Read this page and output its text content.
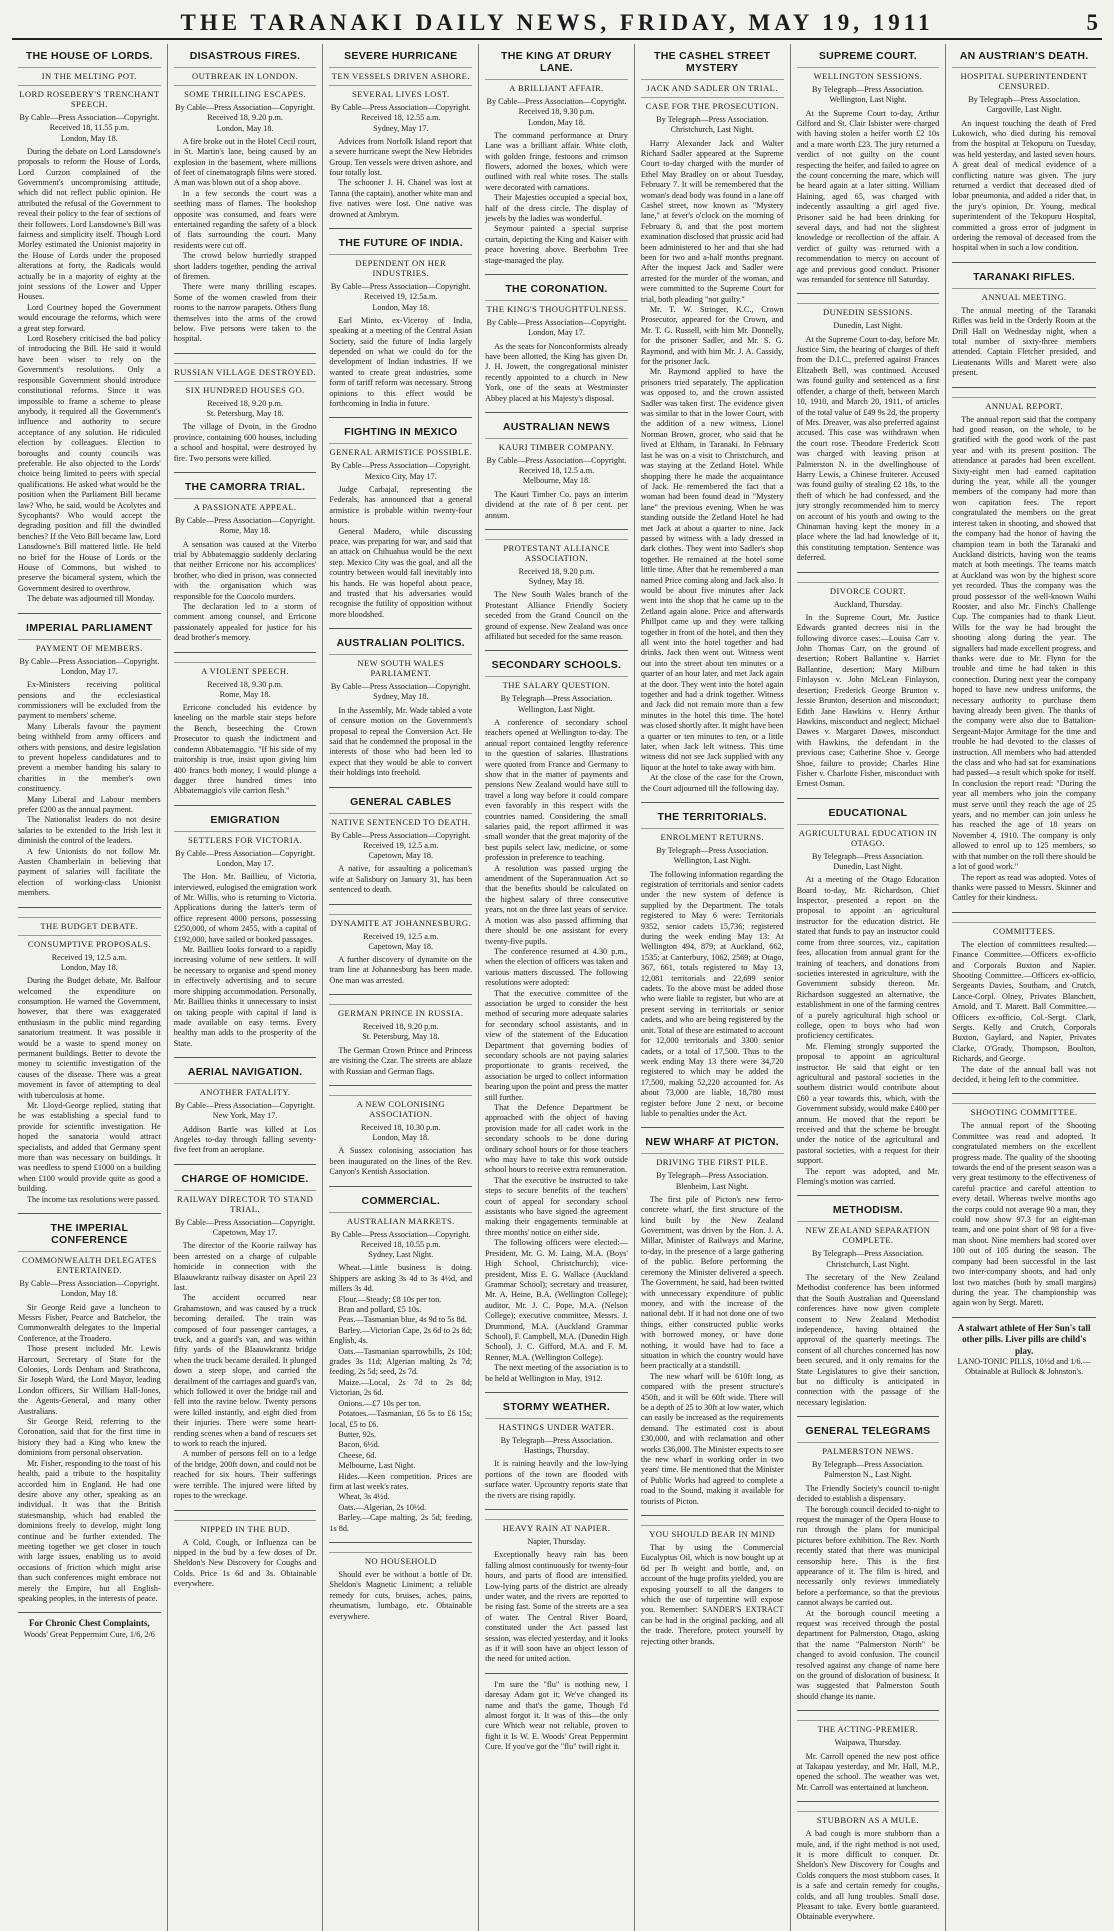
THE TARANAKI DAILY NEWS, FRIDAY, MAY 19, 1911	5
THE HOUSE OF LORDS.
IN THE MELTING POT.
LORD ROSEBERY'S TRENCHANT SPEECH.
By Cable—Press Association—Copyright.
Received 18, 11.55 p.m.
London, May 18.

During the debate on Lord Lansdowne's proposals to reform the House of Lords, Lord Curzon complained of the Government's uncompromising attitude, which did not reflect public opinion. He attributed the refusal of the Government to reveal their policy to the fear of sections of their followers. Lord Lansdowne's Bill was fairness and simplicity itself. Though Lord Morley estimated the Unionist majority in the House of Lords under the proposed alterations at forty, the Radicals would actually be in a majority of eighty at the joint sessions of the Lower and Upper Houses.

Lord Courtney hoped the Government would encourage the reforms, which were a great step forward.

Lord Rosebery criticised the bad policy of introducing the Bill. He said it would have been wiser to rely on the Government's resolutions. Only a responsible Government should introduce constitutional reforms. Since it was impossible to frame a scheme to please anybody, it required all the Government's influence and authority to secure acceptance of any solution. He ridiculed election by colleagues. Election to boroughs and county councils was preferable. He also objected to the Lords' choice being limited to peers with special qualifications. He asked what would be the position when the Parliament Bill became law? Who, he said, would be Acolytes and Sycophants? Who would accept the degrading position and fill the dwindled benches? If the Veto Bill became law, Lord Lansdowne's Bill mattered little. He held no brief for the House of Lords or the House of Commons, but wished to preserve the bicameral system, which the Government desired to overthrow.

The debate was adjourned till Monday.

IMPERIAL PARLIAMENT
PAYMENT OF MEMBERS.
By Cable—Press Association—Copyright.
London, May 17.

Ex-Ministers receiving political pensions and the ecclesiastical commissioners will be excluded from the payment to members' scheme.

Many Liberals favour the payment being withheld from army officers and others with pensions, and desire legislation to prevent hopeless candidatures and to prevent a member handing his salary to charities in the member's own constituency.

Many Liberal and Labour members prefer £200 as the annual payment.

The Nationalist leaders do not desire salaries to be extended to the Irish lest it diminish the control of the leaders.

A few Unionists do not follow Mr. Austen Chamberlain in believing that payment of salaries will facilitate the election of working-class Unionist members.

THE BUDGET DEBATE.
CONSUMPTIVE PROPOSALS.
Received 19, 12.5 a.m.
London, May 18.

During the Budget debate, Mr. Balfour welcomed the expenditure on consumption. He warned the Government, however, that there was exaggerated enthusiasm in the public mind regarding sanatorium treatment. It was possible it would be a waste to spend money on permanent buildings. Better to devote the money to scientific investigation of the causes of the disease. There was a great movement in favor of attempting to deal with tuberculosis at home.

Mr. Lloyd-George replied, stating that he was establishing a special fund to provide for scientific investigation. He hoped the sanatoria would attract specialists, and added that Germany spent more than was necessary on buildings. It was needless to spend £1000 on a building when £100 would provide quite as good a building.

The income tax resolutions were passed.

THE IMPERIAL CONFERENCE
COMMONWEALTH DELEGATES ENTERTAINED.
By Cable—Press Association—Copyright.
London, May 18.

Sir George Reid gave a luncheon to Messrs Fisher, Pearce and Batchelor, the Commonwealth delegates to the Imperial Conference, at the Troadero.

Those present included Mr. Lewis Harcourt, Secretary of State for the Colonies, Lords Denham and Strathcona, Sir Joseph Ward, the Lord Mayor, leading London officers, Sir William Hall-Jones, the Agents-General, and many other Australians.

Sir George Reid, referring to the Coronation, said that for the first time in history they had a King who knew the dominions from personal observation.

Mr. Fisher, responding to the toast of his health, paid a tribute to the hospitality accorded him in England. He had one desire above any other, speaking as an individual. It was that the British statesmanship, which had enabled the dominions freely to develop, might long continue and be further extended. The meeting together we get closer in touch with large issues, enabling us to avoid occasions of friction which might arise than such conferences might embrace not merely the Empire, but all English-speaking peoples, in the interests of peace.

For Chronic Chest Complaints,

Woods' Great Peppermint Cure, 1/6, 2/6

DISASTROUS FIRES.
OUTBREAK IN LONDON.
SOME THRILLING ESCAPES.
By Cable—Press Association—Copyright.
Received 18, 9.20 p.m.
London, May 18.

A fire broke out in the Hotel Cecil court, in St. Martin's lane, being caused by an explosion in the basement, where millions of feet of cinematograph films were stored. A man was blown out of a shop above.

In a few seconds the court was a seething mass of flames. The bookshop opposite was consumed, and fears were entertained regarding the safety of a block of flats surrounding the court. Many residents were cut off.

The crowd below hurriedly strapped short ladders together, pending the arrival of firemen.

There were many thrilling escapes. Some of the women crawled from their rooms to the narrow parapets. Others flung themselves into the arms of the crowd below. Five persons were taken to the hospital.

RUSSIAN VILLAGE DESTROYED.
SIX HUNDRED HOUSES GO.
Received 18, 9.20 p.m.
St. Petersburg, May 18.

The village of Dvoin, in the Grodno province, containing 600 houses, including a school and hospital, were destroyed by fire. Two persons were killed.

THE CAMORRA TRIAL.
A PASSIONATE APPEAL.
By Cable—Press Association—Copyright.
Rome, May 18.

A sensation was caused at the Viterbo trial by Abbatemaggio suddenly declaring that neither Erricone nor his accomplices' brother, who died in prison, was connected with the organisation which was responsible for the Cuocolo murders.

The declaration led to a storm of comment among counsel, and Erricone passionately appealed for justice for his dead brother's memory.

A VIOLENT SPEECH.
Received 18, 9.30 p.m.
Rome, May 18.

Erricone concluded his evidence by kneeling on the marble stair steps before the Bench, beseeching the Crown Prosecutor to quash the indictment and condemn Abbatemaggio. "If his side of my traitorship is true, insist upon giving him 400 francs both money, I would plunge a dagger three hundred times into Abbatemaggio's vile carrion flesh."

EMIGRATION
SETTLERS FOR VICTORIA.
By Cable—Press Association—Copyright.
London, May 17.

The Hon. Mr. Baillieu, of Victoria, interviewed, eulogised the emigration work of Mr. Willis, who is returning to Victoria. Applications during the latter's term of office represent 4000 persons, possessing £250,000, of whom 2455, with a capital of £192,000, have sailed or booked passages.

Mr. Baillieu looks forward to a rapidly increasing volume of new settlers. It will be necessary to organise and spend money in effectively advertising and to secure more shipping accommodation. Personally, Mr. Baillieu thinks it unnecessary to insist on taking people with capital if land is made available on easy terms. Every healthy man adds to the prosperity of the State.

AERIAL NAVIGATION.
ANOTHER FATALITY.
By Cable—Press Association—Copyright.
New York, May 17.

Addison Bartle was killed at Los Angeles to-day through falling seventy-five feet from an aeroplane.

CHARGE OF HOMICIDE.
RAILWAY DIRECTOR TO STAND TRIAL.
By Cable—Press Association—Copyright.
Capetown, May 17.

The director of the Koorie railway has been arrested on a charge of culpable homicide in connection with the Blaauwkrantz railway disaster on April 23 last.

The accident occurred near Grahamstown, and was caused by a truck becoming derailed. The train was composed of four passenger carriages, a truck, and a guard's van, and was within fifty yards of the Blaauwkrantz bridge when the truck became derailed. It plunged down a steep slope, and carried the derailment of the carriages and guard's van, which followed it over the bridge rail and fell into the ravine below. Twenty persons were killed instantly, and eight died from their injuries. There were some heart-rending scenes when a band of rescuers set to work to reach the injured.

A number of persons fell on to a ledge of the bridge, 200ft down, and could not be reached for six hours. Their sufferings were terrible. The injured were lifted by ropes to the wreckage.

NIPPED IN THE BUD.

A Cold, Cough, or Influenza can be nipped in the bud by a few doses of Dr. Sheldon's New Discovery for Coughs and Colds. Price 1s 6d and 3s. Obtainable everywhere.

SEVERE HURRICANE
TEN VESSELS DRIVEN ASHORE.
SEVERAL LIVES LOST.
By Cable—Press Association—Copyright.
Received 18, 12.55 a.m.
Sydney, May 17.

Advices from Norfolk Island report that a severe hurricane swept the New Hebrides Group. Ten vessels were driven ashore, and four totally lost.

The schooner J. H. Chanel was lost at Tanna (the captain), another white man and five natives were lost. One native was drowned at Ambrym.

THE FUTURE OF INDIA.
DEPENDENT ON HER INDUSTRIES.
By Cable—Press Association—Copyright.
Received 19, 12.5a.m.
London, May 18.

Earl Minto, ex-Viceroy of India, speaking at a meeting of the Central Asian Society, said the future of India largely depended on what we could do for the development of Indian industries. If we wanted to create great industries, some form of tariff reform was necessary. Strong opinions to this effect would be forthcoming in India in future.

FIGHTING IN MEXICO
GENERAL ARMISTICE POSSIBLE.
By Cable—Press Association—Copyright.
Mexico City, May 17.

Judge Carbajal, representing the Federals, has announced that a general armistice is probable within twenty-four hours.

General Madero, while discussing peace, was preparing for war, and said that an attack on Chihuahua would be the next step. Mexico City was the goal, and all the country between would fall inevitably into his hands. He was hopeful about peace, and trusted that his adversaries would recognise the futility of opposition without more bloodshed.

AUSTRALIAN POLITICS.
NEW SOUTH WALES PARLIAMENT.
By Cable—Press Association—Copyright.
Sydney, May 18.

In the Assembly, Mr. Wade tabled a vote of censure motion on the Government's proposal to repeal the Conversion Act. He said that he condemned the proposal in the interests of those who had been led to expect that they would be able to convert their holdings into freehold.

GENERAL CABLES
NATIVE SENTENCED TO DEATH.
By Cable—Press Association—Copyright.
Received 19, 12.5 a.m.
Capetown, May 18.

A native, for assaulting a policeman's wife at Salisbury on January 31, has been sentenced to death.

DYNAMITE AT JOHANNESBURG.
Received 19, 12.5 a.m.
Capetown, May 18.

A further discovery of dynamite on the tram line at Johannesburg has been made. One man was arrested.

GERMAN PRINCE IN RUSSIA.
Received 18, 9.20 p.m.
St. Petersburg, May 18.

The German Crown Prince and Princess are visiting the Czar. The streets are ablaze with Russian and German flags.

A NEW COLONISING ASSOCIATION.
Received 18, 10.30 p.m.
London, May 18.

A Sussex colonising association has been inaugurated on the lines of the Rev. Canyon's Kentish Association.

COMMERCIAL.
AUSTRALIAN MARKETS.
By Cable—Press Association—Copyright.
Received 18, 10.55 p.m.
Sydney, Last Night.

Wheat.—Little business is doing. Shippers are asking 3s 4d to 3s 4½d, and millers 3s 4d.

Flour.—Steady; £8 10s per ton.

Bran and pollard, £5 10s.

Peas.—Tasmanian blue, 4s 9d to 5s 8d.

Barley.—Victorian Cape, 2s 6d to 2s 8d; English, 4s.

Oats.—Tasmanian sparrowbills, 2s 10d; grades 3s 11d; Algerian malting 2s 7d; feeding, 2s 5d; seed, 2s 7d.

Maize.—Local, 2s 7d to 2s 8d; Victorian, 2s 6d.

Onions.—£7 10s per ton.

Potatoes.—Tasmanian, £6 5s to £6 15s; local, £5 to £6.

Butter, 92s.

Bacon, 6½d.

Cheese, 6d.

Melbourne, Last Night.

Hides.—Keen competition. Prices are firm at last week's rates.

Wheat, 3s 4½d.

Oats.—Algerian, 2s 10½d.

Barley.—Cape malting, 2s 5d; feeding, 1s 8d.

NO HOUSEHOLD

Should ever be without a bottle of Dr. Sheldon's Magnetic Liniment; a reliable remedy for cuts, bruises, aches, pains, rheumatism, lumbago, etc. Obtainable everywhere.

THE KING AT DRURY LANE.
A BRILLIANT AFFAIR.
By Cable—Press Association—Copyright.
Received 18, 9.30 p.m.
London, May 18.

The command performance at Drury Lane was a brilliant affair. White cloth, with golden fringe, festoons and crimson flowers, adorned the boxes, which were outlined with real white roses. The stalls were decorated with carnations.

Their Majesties occupied a special box, half of the dress circle. The display of jewels by the ladies was wonderful.

Seymour painted a special surprise curtain, depicting the King and Kaiser with peace hovering above. Beerbohm Tree stage-managed the play.

THE CORONATION.
THE KING'S THOUGHTFULNESS.
By Cable—Press Association—Copyright.
London, May 17.

As the seats for Nonconformists already have been allotted, the King has given Dr. J. H. Jowett, the congregational minister recently appointed to a church in New York, one of the seats at Westminster Abbey placed at his Majesty's disposal.

AUSTRALIAN NEWS
KAURI TIMBER COMPANY.
By Cable—Press Association—Copyright.
Received 18, 12.5 a.m.
Melbourne, May 18.

The Kauri Timber Co. pays an interim dividend at the rate of 8 per cent. per annum.

PROTESTANT ALLIANCE ASSOCIATION.
Received 18, 9.20 p.m.
Sydney, May 18.

The New South Wales branch of the Protestant Alliance Friendly Society seceded from the Grand Council on the ground of expense. New Zealand was once affiliated but seceded for the same reason.

SECONDARY SCHOOLS.
THE SALARY QUESTION.
By Telegraph—Press Association.
Wellington, Last Night.

A conference of secondary school teachers opened at Wellington to-day. The annual report contained lengthy reference to the question of salaries. Illustrations were quoted from France and Germany to show that in the matter of payments and pensions New Zealand would have still to travel a long way before it could compare even favorably in this respect with the countries named. Considering the small salaries paid, the report affirmed it was small wonder that the great majority of the best pupils select law, medicine, or some profession in preference to teaching.

A resolution was passed urging the amendment of the Superannuation Act so that the benefits should be calculated on the highest salary of three consecutive years, not on the three last years of service. A motion was also passed affirming that there should be one assistant for every twenty-five pupils.

The conference resumed at 4.30 p.m., when the election of officers was taken and various matters discussed. The following resolutions were adopted:

That the executive committee of the association be urged to consider the best method of securing more adequate salaries for secondary school assistants, and in view of the statement of the Education Department that governing bodies of secondary schools are not paying salaries proportionate to grants received, the association be urged to collect information bearing upon the point and press the matter still further.

That the Defence Department be approached with the object of having provision made for all cadet work in the secondary schools to be done during ordinary school hours or for those teachers who may have to take this work outside school hours to receive extra remuneration.

That the executive be instructed to take steps to secure benefits of the teachers' court of appeal for secondary school assistants who have signed the agreement making their engagements terminable at three months' notice on either side.

The following officers were elected:—President, Mr. G. M. Laing, M.A. (Boys' High School, Christchurch); vice-president, Miss E. G. Wallace (Auckland Grammar School); secretary and treasurer, Mr. A. Heine, B.A. (Wellington College); auditor, Mr. J. C. Pope, M.A. (Nelson College); executive committee, Messrs. J. Drummond, M.A. (Auckland Grammar School), F. Campbell, M.A. (Dunedin High School), J. C. Gifford, M.A. and F. M. Renner, M.A. (Wellington College).

The next meeting of the association is to be held at Wellington in May, 1912.

STORMY WEATHER.
HASTINGS UNDER WATER.
By Telegraph—Press Association.
Hastings, Thursday.

It is raining heavily and the low-lying portions of the town are flooded with surface water. Upcountry reports state that the rivers are rising rapidly.

HEAVY RAIN AT NAPIER.
Napier, Thursday.

Exceptionally heavy rain has been falling almost continuously for twenty-four hours, and parts of flood are intensified. Low-lying parts of the district are already under water, and the rivers are reported to be rising fast. Some of the streets are a sea of water. The Central River Board, constituted under the Act passed last session, was elected yesterday, and it looks as if it will soon have an object lesson of the need for united action.

I'm sure the "flu" is nothing new, I daresay Adam got it; We've changed its name and that's the game, Though I'd almost forgot it. It was of this—the only cure Which wear not reliable, proven to fight it Is W. E. Woods' Great Peppermint Cure. If you've got the "flu" twill right it.

THE CASHEL STREET MYSTERY
JACK AND SADLER ON TRIAL.
CASE FOR THE PROSECUTION.
By Telegraph—Press Association.
Christchurch, Last Night.

Harry Alexander Jack and Walter Richard Sadler appeared at the Supreme Court to-day charged with the murder of Ethel May Bradley on or about Tuesday, February 7. It will be remembered that the woman's dead body was found in a lane off Cashel street, now known as "Mystery lane," at fever's o'clock on the morning of February 8, and that the post mortem examination disclosed that prussic acid had been administered to her and that she had been for two and a-half months pregnant. After the inquest Jack and Sadler were arrested for the murder of the woman, and were committed to the Supreme Court for trial, both pleading "not guilty."

Mr. T. W. Stringer, K.C., Crown Prosecutor, appeared for the Crown, and Mr. T. G. Russell, with him Mr. Donnelly, for the prisoner Sadler, and Mr. S. G. Raymond, and with him Mr. J. A. Cassidy, for the prisoner Jack.

Mr. Raymond applied to have the prisoners tried separately. The application was opposed to, and the crown assisted Sadler was taken first. The evidence given was similar to that in the lower Court, with the addition of a new witness, Lionel Norman Brown, grocer, who said that he lived at Eltham, in Taranaki. In February last he was on a visit to Christchurch, and was staying at the Zetland Hotel. While shopping there he made the acquaintance of Jack. He remembered the fact that a woman had been found dead in "Mystery lane" the previous evening. When he was standing outside the Zetland Hotel he had met Jack at about a quarter to nine. Jack passed by witness with a lady dressed in dark clothes. They went into Sadler's shop together. He remained at the hotel some little time. After that he remembered a man named Price coming along and Jack also. It would be about five minutes after Jack went into the shop that he came up to the Zetland again alone. Price and afterwards Phillpot came up and they were talking together in front of the hotel, and then they all went into the hotel together and had drinks. Jack then went out. Witness went out into the street about ten minutes or a quarter of an hour later, and met Jack again at the door. They went into the hotel again together and had a drink together. Witness and Jack did not remain more than a few minutes in the hotel this time. The hotel was closed shortly after. It might have been a quarter or ten minutes to ten, or a little later, when Jack left witness. This time witness did not see Jack supplied with any liquor at the hotel to take away with him.

At the close of the case for the Crown, the Court adjourned till the following day.

THE TERRITORIALS.
ENROLMENT RETURNS.
By Telegraph—Press Association.
Wellington, Last Night.

The following information regarding the registration of territorials and senior cadets under the new system of defence is supplied by the Department. The totals registered to May 6 were: Territorials 9352, senior cadets 15,736; registered during the week ending May 13: At Wellington 494, 879; at Auckland, 662, 1535; at Canterbury, 1062, 2569; at Otago, 367, 661, totals registered to May 13, 12,081 territorials and 22,699 senior cadets. To the above must be added those who were liable to register, but who are at present serving in territorials or senior cadets, and who are being registered by the unit. Total of these are estimated to account for 12,000 territorials and 3300 senior cadets, or a total of 17,500. Thus to the week ending May 13 there were 34,720 registered to which may be added the 17,500, making 52,220 accounted for. As about 73,000 are liable, 18,780 must register before June 2 next, or become liable to penalties under the Act.

NEW WHARF AT PICTON.
DRIVING THE FIRST PILE.
By Telegraph—Press Association.
Blenheim, Last Night.

The first pile of Picton's new ferro-concrete wharf, the first structure of the kind built by the New Zealand Government, was driven by the Hon. J. A. Millar, Minister of Railways and Marine, to-day, in the presence of a large gathering of the public. Before performing the ceremony the Minister delivered a speech. The Government, he said, had been twitted with unnecessary expenditure of public money, and with the increase of the national debt. If it had not done one of two things, either constructed public works with borrowed money, or have done nothing, it would have had to face a situation in which the country would have been practically at a standstill.

The new wharf will be 610ft long, as compared with the present structure's 450ft, and it will be 60ft wide. There will be a depth of 25 to 30ft at low water, which can easily be increased as the requirements demand. The estimated cost is about £30,000, and with reclamation and other works £36,000. The Minister expects to see the new wharf in working order in two years' time. He mentioned that the Minister of Public Works had agreed to complete a road to the Sound, making it available for tourists of Picton.

YOU SHOULD BEAR IN MIND

That by using the Commercial Eucalyptus Oil, which is now bought up at 6d per lb weight and bottle, and, on account of the huge profits yielded, you are exposing yourself to all the dangers to which the use of turpentine will expose you. Remember: SANDER'S EXTRACT can be had in the original packing, and all the trade. Therefore, protect yourself by rejecting other brands.

SUPREME COURT.
WELLINGTON SESSIONS.
By Telegraph—Press Association.
Wellington, Last Night.

At the Supreme Court to-day, Arthur Gilford and St. Clair Isbister were charged with having stolen a heifer worth £2 10s and a mare worth £23. The jury returned a verdict of not guilty on the count respecting the heifer, and failed to agree on the count concerning the mare, which will be heard again at a later sitting. William Haining, aged 65, was charged with indecently assaulting a girl aged five. Prisoner said he had been drinking for several days, and had not the slightest knowledge or recollection of the affair. A verdict of guilty was returned with a recommendation to mercy on account of age and previous good conduct. Prisoner was remanded for sentence till Saturday.

DUNEDIN SESSIONS.
Dunedin, Last Night.

At the Supreme Court to-day, before Mr. Justice Sim, the hearing of charges of theft from the D.I.C., preferred against Frances Elizabeth Bell, was continued. Accused was found guilty and sentenced as a first offender, a charge of theft, between March 10, 1910, and March 20, 1911, of articles of the total value of £49 9s 2d, the property of Mrs. Dreaver, was also preferred against accused. This case was withdrawn when the court rose. Theodore Frederick Scott was charged with leaving prison at Palmerston N. in the dwellinghouse of Harry Lewis, a Chinese fruiterer. Accused was found guilty of stealing £2 18s, to the theft of which he had confessed, and the jury strongly recommended him to mercy on account of his youth and owing to the Chinaman having kept the money in a place where the lad had knowledge of it, this constituting temptation. Sentence was deferred.

DIVORCE COURT.
Auckland, Thursday.

In the Supreme Court, Mr. Justice Edwards granted decrees nisi in the following divorce cases:—Louisa Carr v. John Thomas Carr, on the ground of desertion; Robert Ballantine v. Harriet Ballantine, desertion; Mary Milburn Finlayson v. John McLean Finlayson, desertion; Frederick George Brunton v. Jessie Brunton, desertion and misconduct; Edith Jane Hawkins v. Henry Arthur Hawkins, misconduct and neglect; Michael Dawes v. Margaret Dawes, misconduct with Hawkins, the defendant in the previous case; Catherine Shoe v. George Shoe, failure to provide; Charles Hine Fisher v. Charlotte Fisher, misconduct with Ernest Osman.

EDUCATIONAL
AGRICULTURAL EDUCATION IN OTAGO.
By Telegraph—Press Association.
Dunedin, Last Night.

At a meeting of the Otago Education Board to-day, Mr. Richardson, Chief Inspector, presented a report on the proposal to appoint an agricultural instructor for the education district. He stated that funds to pay an instructor could come from three sources, viz., capitation fees, allocation from annual grant for the training of teachers, and donations from societies interested in agriculture, with the Government subsidy thereon. Mr. Richardson suggested an alternative, the establishment in one of the farming centres of a purely agricultural high school or college, open to boys who had won proficiency certificates.

Mr. Fleming strongly supported the proposal to appoint an agricultural instructor. He said that eight or ten agricultural and pastoral societies in the southern district would contribute about £60 a year towards this, which, with the Government subsidy, would make £400 per annum. He moved that the report be received and that the scheme be brought under the notice of the agricultural and pastoral societies, with a request for their support.

The report was adopted, and Mr. Fleming's motion was carried.

METHODISM.
NEW ZEALAND SEPARATION COMPLETE.
By Telegraph—Press Association.
Christchurch, Last Night.

The secretary of the New Zealand Methodist conference has been informed that the South Australian and Queensland conferences have now given complete consent to New Zealand Methodist independence, having obtained the approval of the quarterly meetings. The consent of all churches concerned has now been secured, and it only remains for the State Legislatures to give their sanction, but no difficulty is anticipated in connection with the passage of the necessary legislation.

GENERAL TELEGRAMS
PALMERSTON NEWS.
By Telegraph—Press Association.
Palmerston N., Last Night.

The Friendly Society's council to-night decided to establish a dispensary.

The borough council decided to-night to request the manager of the Opera House to run through the plans for municipal pictures before exhibition. The Rev. North recently stated that there was municipal censorship here. This is the first appearance of it. The film is hired, and necessarily only reviews immediately before a performance, so that the previous cannot always be carried out.

At the borough council meeting a request was received through the postal department for Palmerston, Otago, asking that the name "Palmerston North" be changed to avoid confusion. The council resolved against any change of name here on the ground of dislocation of business. It was suggested that Palmerston South should change its name.

THE ACTING-PREMIER.
Waipawa, Thursday.

Mr. Carroll opened the new post office at Takapau yesterday, and Mr. Hall, M.P., opened the school. The weather was wet. Mr. Carroll was entertained at luncheon.

STUBBORN AS A MULE.

A bad cough is more stubborn than a mule, and, if the right method is not used, it is more difficult to conquer. Dr. Sheldon's New Discovery for Coughs and Colds conquers the most stubborn cases. It is a safe and certain remedy for coughs, colds, and all lung troubles. Small dose. Pleasant to take. Every bottle guaranteed. Obtainable everywhere.

AN AUSTRIAN'S DEATH.
HOSPITAL SUPERINTENDENT CENSURED.
By Telegraph—Press Association.
Cargoville, Last Night.

An inquest touching the death of Fred Lukowich, who died during his removal from the hospital at Tekopuru on Tuesday, was held yesterday, and lasted seven hours. A great deal of medical evidence of a conflicting nature was given. The jury returned a verdict that deceased died of lobar pneumonia, and added a rider that, in the jury's opinion, Dr. Young, medical superintendent of the Tekopuru Hospital, committed a gross error of judgment in ordering the removal of deceased from the hospital when in such a low condition.

TARANAKI RIFLES.
ANNUAL MEETING.

The annual meeting of the Taranaki Rifles was held in the Orderly Room at the Drill Hall on Wednesday night, when a total number of sixty-three members attended. Captain Fletcher presided, and Lieutenants Wills and Marett were also present.

ANNUAL REPORT.

The annual report said that the company had good reason, on the whole, to be gratified with the good work of the past year and with its present position. The attendance at parades had been excellent. Sixty-eight men had earned capitation during the year, while all the younger members of the company had more than won capitation fees. The report congratulated the members on the great interest taken in shooting, and showed that the company had the honor of having the champion team in both the Taranaki and Auckland districts, having won the teams match at both meetings. The teams match at Auckland was won by the highest score yet recorded. Thus the company was the proud possessor of the well-known Waihi Rooster, and also Mr. Finch's Challenge Cup. The companies had to thank Lieut. Wills for the way he had brought the shooting along during the year. The signallers had made excellent progress, and thanks were due to Mr. Flynn for the trouble and time he had taken in this connection. During next year the company hoped to have new undress uniforms, the necessary authority to purchase them having already been given. The thanks of the company were also due to Battalion-Sergeant-Major Armitage for the time and trouble he had devoted to the classes of instruction. All members who had attended the class and who had sat for examinations had passed—a result which spoke for itself. In conclusion the report read: "During the year all members who join the company must serve until they reach the age of 25 years, and no member can join unless he has reached the age of 18 years on November 4, 1910. The company is only allowed to enrol up to 125 members, so with that number on the roll there should be a lot of good work."

The report as read was adopted. Votes of thanks were passed to Messrs. Skinner and Cattley for their kindness.

COMMITTEES.

The election of committees resulted:—Finance Committee.—Officers ex-officio and Corporals Buxton and Napier. Shooting Committee.—Officers ex-officio, Sergeants Davies, Southam, and Crutch, Lance-Corpl. Olney, Privates Blanchett, Arnold, and T. Marett. Ball Committee.—Officers ex-officio, Col.-Sergt. Clark, Sergts. Kelly and Crutch, Corporals Buxton, Gaylard, and Napier, Privates Clarke, O'Grady, Thompson, Boulton, Richards, and George.

The date of the annual ball was not decided, it being left to the committee.

SHOOTING COMMITTEE.

The annual report of the Shooting Committee was read and adopted. It congratulated members on the excellent progress made. The quality of the shooting towards the end of the present season was a very great testimony to the effectiveness of careful practice and careful attention to every detail. Whereas twelve months ago the corps could not average 90 a man, they could now show 97.3 for an eight-man team, and one point short of 98 for a five-man shoot. Nine members had scored over 100 out of 105 during the season. The company had been successful in the last two inter-company shoots, and had only lost two matches (both by small margins) during the year. The championship was again won by Sergt. Marett.

A stalwart athlete of Her Sun's tall other pills. Liver pills are child's play.

LANO-TONIC PILLS, 10½d and 1/6.—

Obtainable at Bullock & Johnston's.
